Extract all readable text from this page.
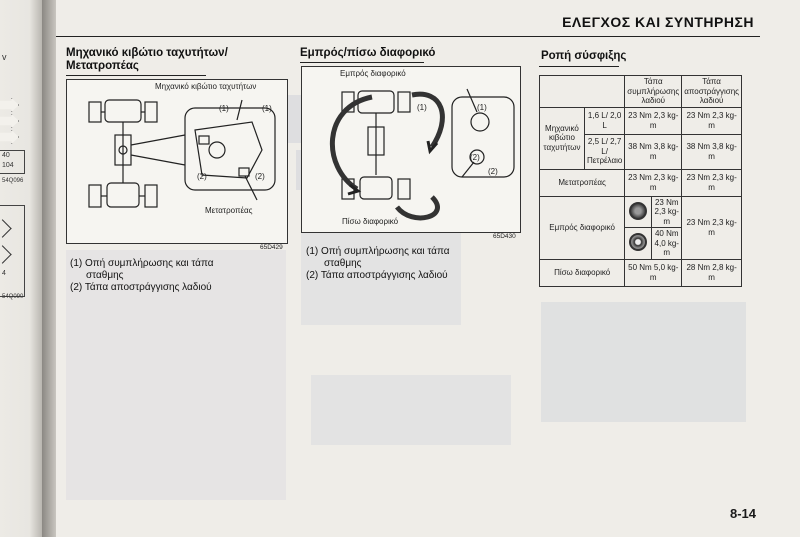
v
40
104
54Q096
4
54Q090
ΕΛΕΓΧΟΣ ΚΑΙ ΣΥΝΤΗΡΗΣΗ
Μηχανικό κιβώτιο ταχυτήτων/
Μετατροπέας
Μηχανικό κιβώτιο ταχυτήτων
(1)	(1)
(2)	(2)
Μετατροπέας
65D429
(1) Οπή συμπλήρωσης και τάπα
σταθμης
(2) Τάπα αποστράγγισης λαδιού
Εμπρός/πίσω διαφορικό
Εμπρός διαφορικό
(1)	(1)
(2)
(2)
Πίσω διαφορικό
65D430
(1) Οπή συμπλήρωσης και τάπα
σταθμης
(2) Τάπα αποστράγγισης λαδιού
Ροπή σύσφιξης
		Τάπα συμπλήρωσης λαδιού		Τάπα αποστράγγισης λαδιού
Μηχανικό κιβώτιο ταχυτήτων	1,6 L/ 2,0 L	23 Nm 2,3 kg-m		23 Nm 2,3 kg-m
	2,5 L/ 2,7 L/ Πετρέλαιο	38 Nm 3,8 kg-m		38 Nm 3,8 kg-m
Μετατροπέας		23 Nm 2,3 kg-m		23 Nm 2,3 kg-m
Εμπρός διαφορικό			23 Nm 2,3 kg-m	23 Nm 2,3 kg-m
			40 Nm 4,0 kg-m	
Πίσω διαφορικό		50 Nm 5,0 kg-m		28 Nm 2,8 kg-m
8-14
